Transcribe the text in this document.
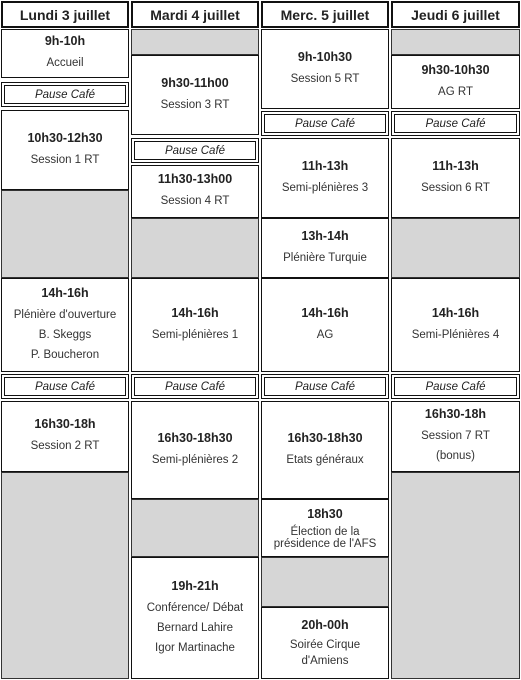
Lundi 3 juillet
9h-10h
Accueil
Pause Café
10h30-12h30
Session 1 RT
14h-16h
Plénière d'ouverture
B. Skeggs
P. Boucheron
Pause Café
16h30-18h
Session 2 RT
Mardi 4 juillet
9h30-11h00
Session 3 RT
Pause Café
11h30-13h00
Session 4 RT
14h-16h
Semi-plénières 1
Pause Café
16h30-18h30
Semi-plénières 2
19h-21h
Conférence/ Débat
Bernard Lahire
Igor Martinache
Merc. 5 juillet
9h-10h30
Session 5 RT
Pause Café
11h-13h
Semi-plénières 3
13h-14h
Plénière Turquie
14h-16h
AG
Pause Café
16h30-18h30
Etats généraux
18h30
Élection de la
présidence de l'AFS
20h-00h
Soirée Cirque
d'Amiens
Jeudi 6 juillet
9h30-10h30
AG RT
Pause Café
11h-13h
Session 6 RT
14h-16h
Semi-Plénières 4
Pause Café
16h30-18h
Session 7 RT
(bonus)
